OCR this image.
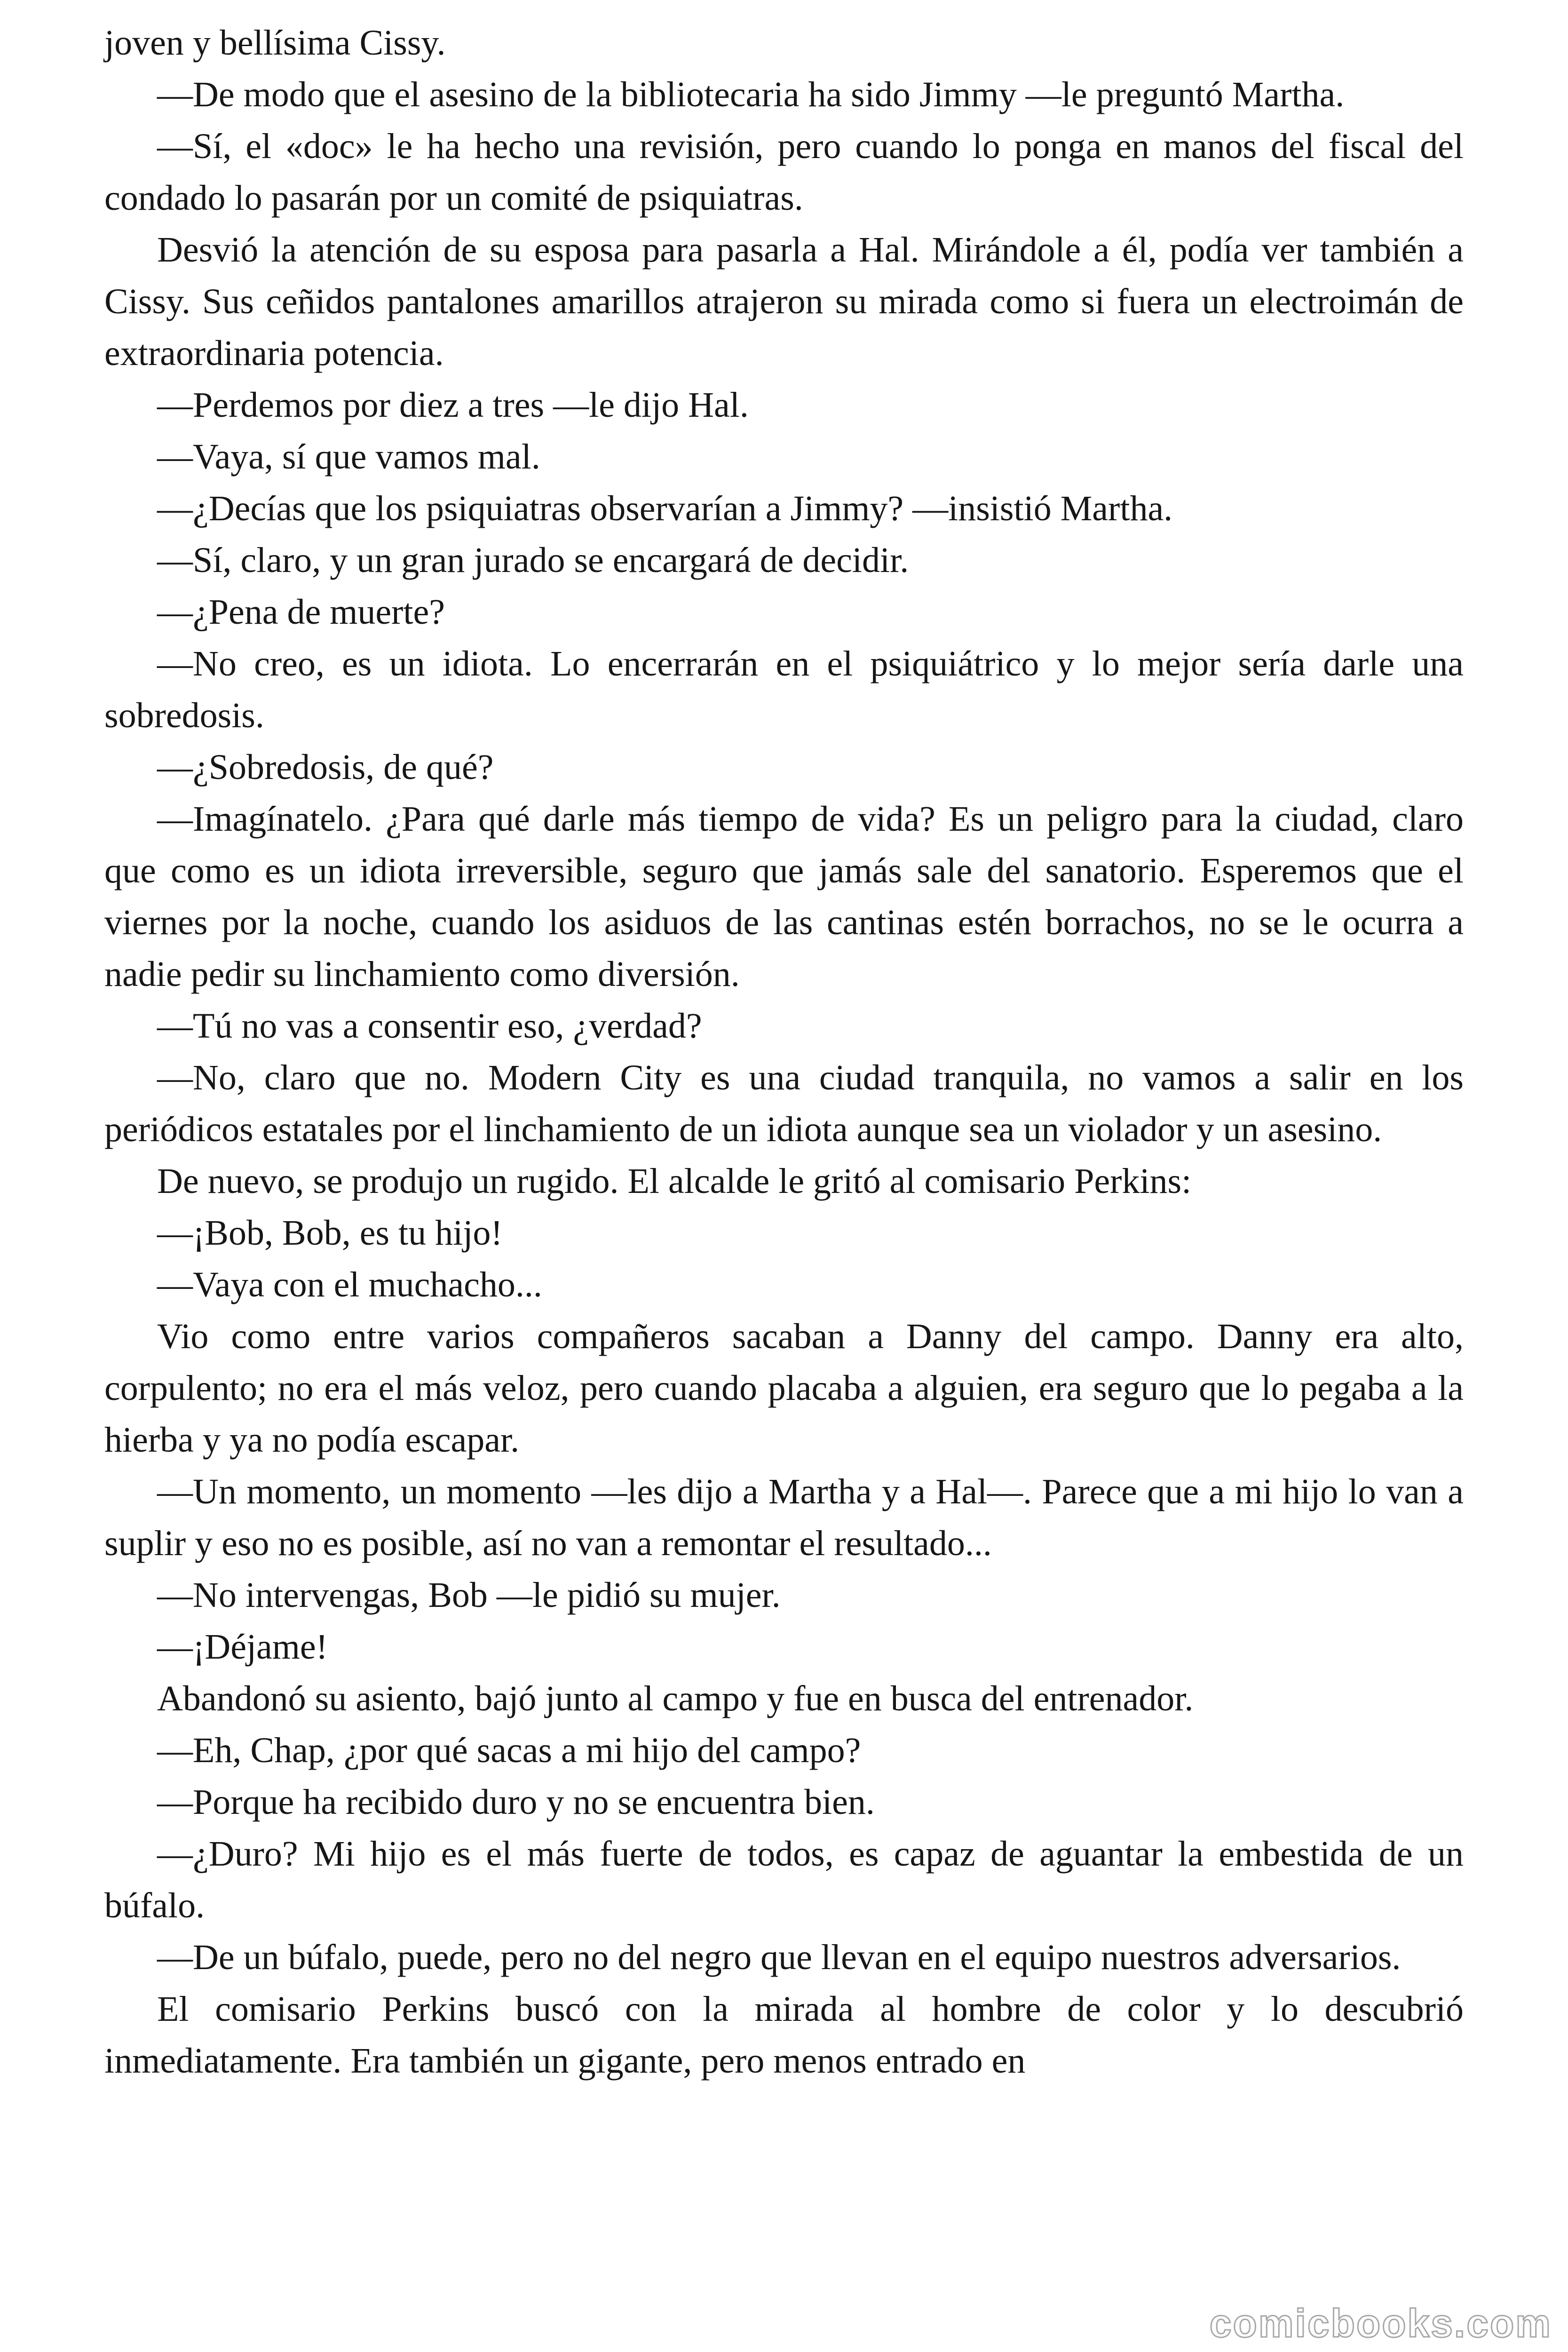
joven y bellísima Cissy.

—De modo que el asesino de la bibliotecaria ha sido Jimmy —le preguntó Martha.

—Sí, el «doc» le ha hecho una revisión, pero cuando lo ponga en manos del fiscal del condado lo pasarán por un comité de psiquiatras.

Desvió la atención de su esposa para pasarla a Hal. Mirándole a él, podía ver también a Cissy. Sus ceñidos pantalones amarillos atrajeron su mirada como si fuera un electroimán de extraordinaria potencia.

—Perdemos por diez a tres —le dijo Hal.

—Vaya, sí que vamos mal.

—¿Decías que los psiquiatras observarían a Jimmy? —insistió Martha.

—Sí, claro, y un gran jurado se encargará de decidir.

—¿Pena de muerte?

—No creo, es un idiota. Lo encerrarán en el psiquiátrico y lo mejor sería darle una sobredosis.

—¿Sobredosis, de qué?

—Imagínatelo. ¿Para qué darle más tiempo de vida? Es un peligro para la ciudad, claro que como es un idiota irreversible, seguro que jamás sale del sanatorio. Esperemos que el viernes por la noche, cuando los asiduos de las cantinas estén borrachos, no se le ocurra a nadie pedir su linchamiento como diversión.

—Tú no vas a consentir eso, ¿verdad?

—No, claro que no. Modern City es una ciudad tranquila, no vamos a salir en los periódicos estatales por el linchamiento de un idiota aunque sea un violador y un asesino.

De nuevo, se produjo un rugido. El alcalde le gritó al comisario Perkins:

—¡Bob, Bob, es tu hijo!

—Vaya con el muchacho...

Vio como entre varios compañeros sacaban a Danny del campo. Danny era alto, corpulento; no era el más veloz, pero cuando placaba a alguien, era seguro que lo pegaba a la hierba y ya no podía escapar.

—Un momento, un momento —les dijo a Martha y a Hal—. Parece que a mi hijo lo van a suplir y eso no es posible, así no van a remontar el resultado...

—No intervengas, Bob —le pidió su mujer.

—¡Déjame!

Abandonó su asiento, bajó junto al campo y fue en busca del entrenador.

—Eh, Chap, ¿por qué sacas a mi hijo del campo?

—Porque ha recibido duro y no se encuentra bien.

—¿Duro? Mi hijo es el más fuerte de todos, es capaz de aguantar la embestida de un búfalo.

—De un búfalo, puede, pero no del negro que llevan en el equipo nuestros adversarios.

El comisario Perkins buscó con la mirada al hombre de color y lo descubrió inmediatamente. Era también un gigante, pero menos entrado en

comicbooks.com
